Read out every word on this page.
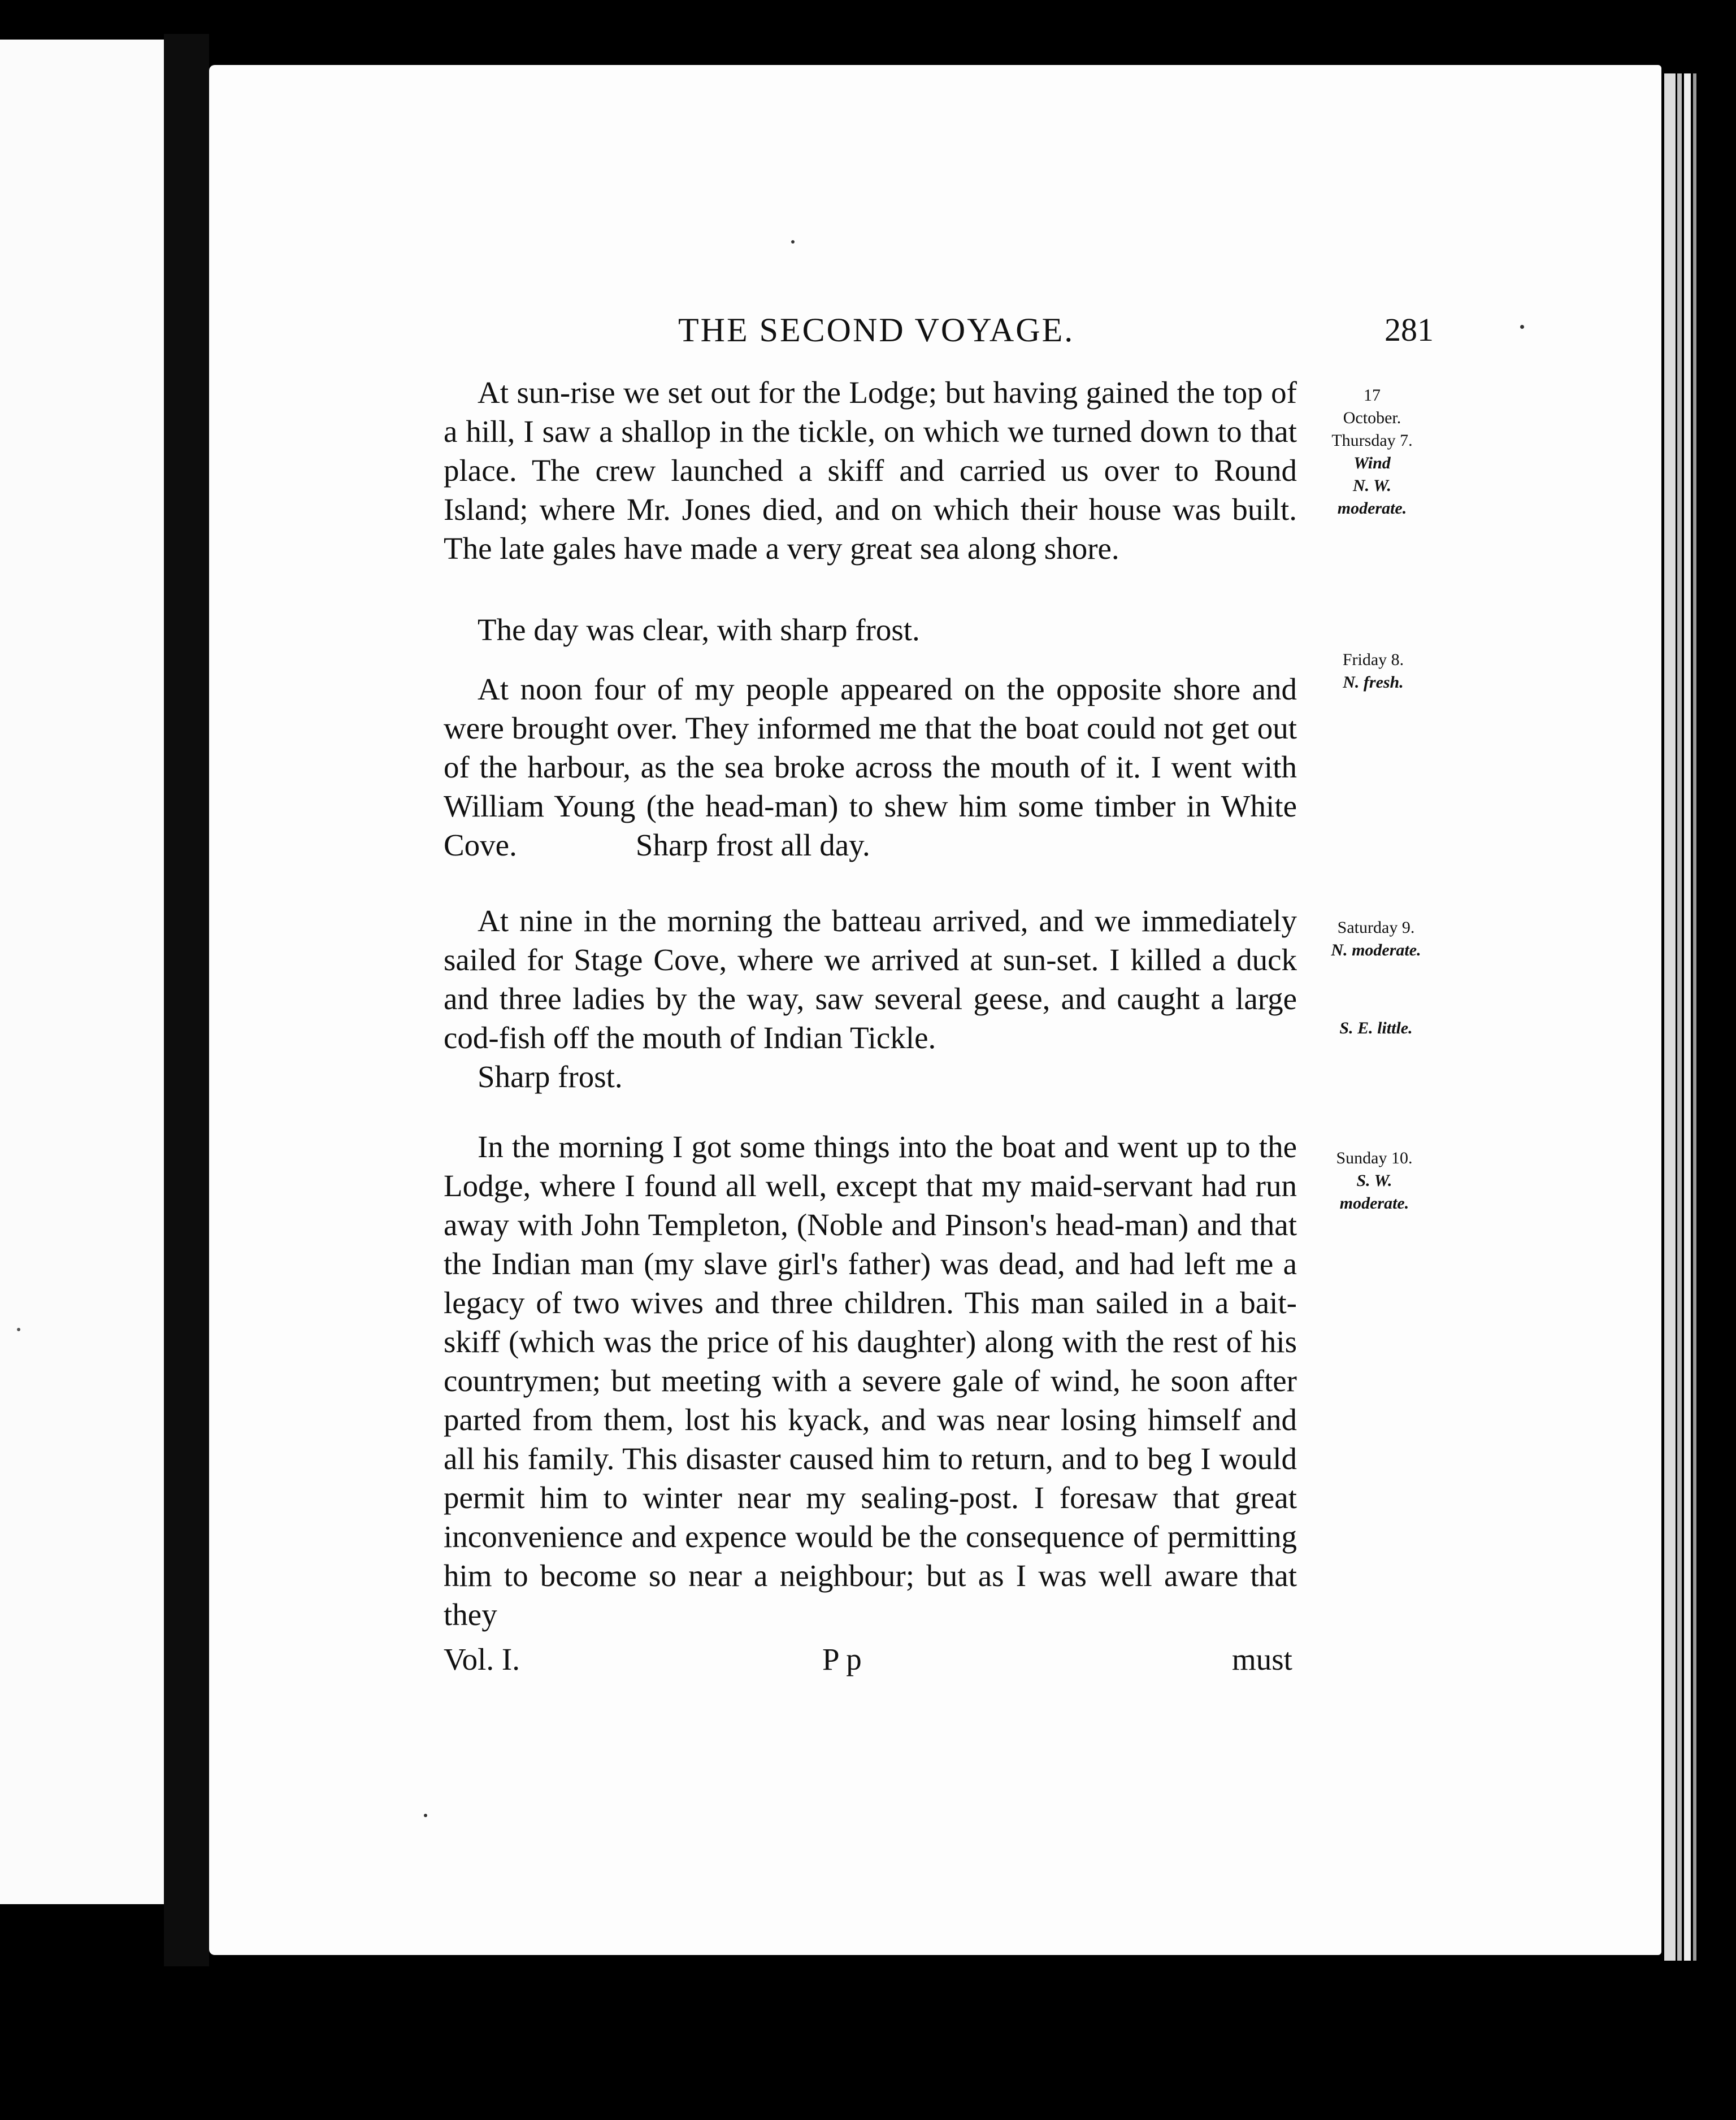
THE SECOND VOYAGE.	281

At sun-rise we set out for the Lodge; but having gained the top of a hill, I saw a shallop in the tickle, on which we turned down to that place. The crew launched a skiff and carried us over to Round Island; where Mr. Jones died, and on which their house was built. The late gales have made a very great sea along shore.

The day was clear, with sharp frost.

At noon four of my people appeared on the opposite shore and were brought over. They informed me that the boat could not get out of the harbour, as the sea broke across the mouth of it. I went with William Young (the head-man) to shew him some timber in White Cove.	Sharp frost all day.

At nine in the morning the batteau arrived, and we immediately sailed for Stage Cove, where we arrived at sun-set. I killed a duck and three ladies by the way, saw several geese, and caught a large cod-fish off the mouth of Indian Tickle.

Sharp frost.

In the morning I got some things into the boat and went up to the Lodge, where I found all well, except that my maid-servant had run away with John Templeton, (Noble and Pinson's head-man) and that the Indian man (my slave girl's father) was dead, and had left me a legacy of two wives and three children. This man sailed in a bait-skiff (which was the price of his daughter) along with the rest of his countrymen; but meeting with a severe gale of wind, he soon after parted from them, lost his kyack, and was near losing himself and all his family. This disaster caused him to return, and to beg I would permit him to winter near my sealing-post. I foresaw that great inconvenience and expence would be the consequence of permitting him to become so near a neighbour; but as I was well aware that they

17
October.
Thursday 7.
Wind
N. W.
moderate.
Friday 8.
N. fresh.
Saturday 9.
N. moderate.
S. E. little.
Sunday 10.
S. W.
moderate.
Vol. I.	P p	must
